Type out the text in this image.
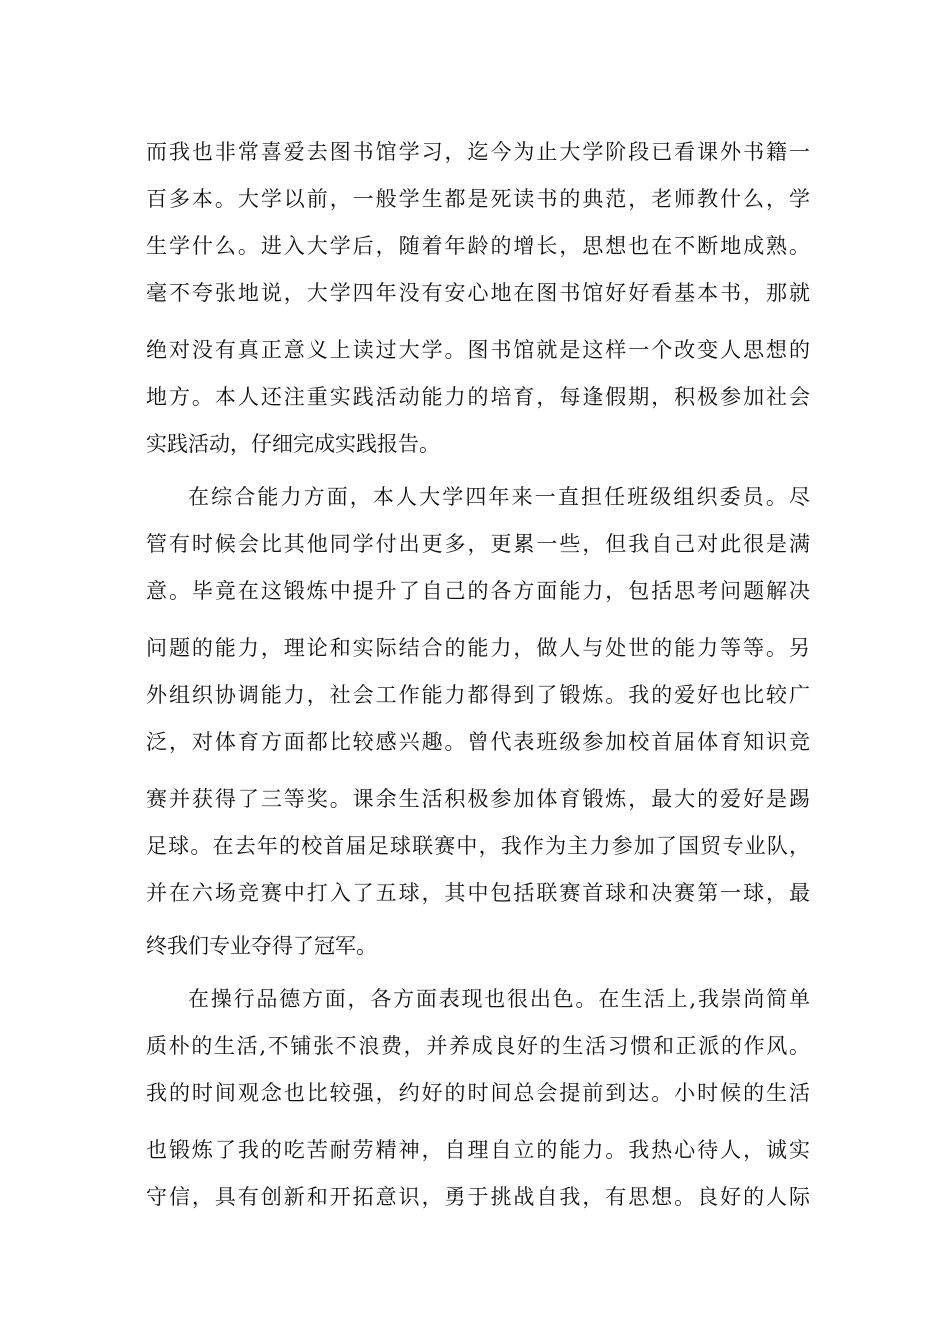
而我也非常喜爱去图书馆学习，迄今为止大学阶段已看课外书籍一
百多本。大学以前，一般学生都是死读书的典范，老师教什么，学
生学什么。进入大学后，随着年龄的增长，思想也在不断地成熟。
毫不夸张地说，大学四年没有安心地在图书馆好好看基本书，那就
绝对没有真正意义上读过大学。图书馆就是这样一个改变人思想的
地方。本人还注重实践活动能力的培育，每逢假期，积极参加社会
实践活动，仔细完成实践报告。
在综合能力方面，本人大学四年来一直担任班级组织委员。尽
管有时候会比其他同学付出更多，更累一些，但我自己对此很是满
意。毕竟在这锻炼中提升了自己的各方面能力，包括思考问题解决
问题的能力，理论和实际结合的能力，做人与处世的能力等等。另
外组织协调能力，社会工作能力都得到了锻炼。我的爱好也比较广
泛，对体育方面都比较感兴趣。曾代表班级参加校首届体育知识竞
赛并获得了三等奖。课余生活积极参加体育锻炼，最大的爱好是踢
足球。在去年的校首届足球联赛中，我作为主力参加了国贸专业队，
并在六场竞赛中打入了五球，其中包括联赛首球和决赛第一球，最
终我们专业夺得了冠军。
在操行品德方面，各方面表现也很出色。在生活上,我崇尚简单
质朴的生活,不铺张不浪费，并养成良好的生活习惯和正派的作风。
我的时间观念也比较强，约好的时间总会提前到达。小时候的生活
也锻炼了我的吃苦耐劳精神，自理自立的能力。我热心待人，诚实
守信，具有创新和开拓意识，勇于挑战自我，有思想。良好的人际
